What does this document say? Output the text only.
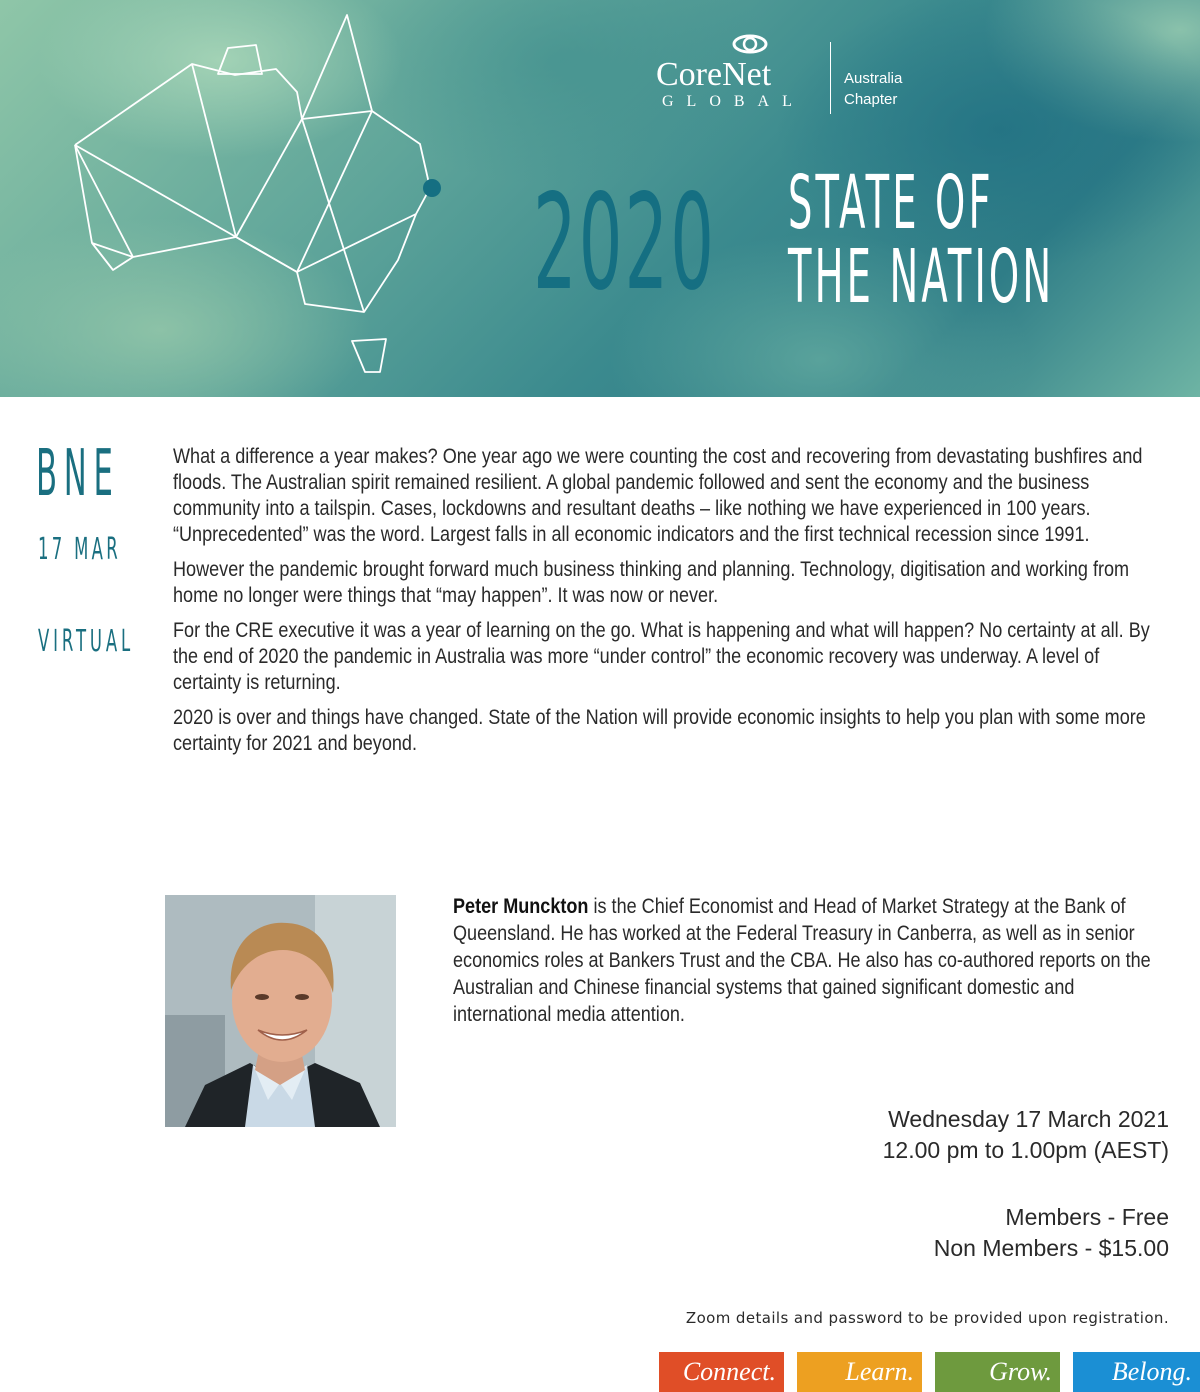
CoreNet
GLOBAL
Australia
Chapter
2020 STATE OF
THE NATION
BNE
17 MAR
VIRTUAL

What a difference a year makes? One year ago we were counting the cost and recovering from devastating bushfires and floods. The Australian spirit remained resilient. A global pandemic followed and sent the economy and the business community into a tailspin. Cases, lockdowns and resultant deaths – like nothing we have experienced in 100 years. “Unprecedented” was the word. Largest falls in all economic indicators and the first technical recession since 1991.

However the pandemic brought forward much business thinking and planning. Technology, digitisation and working from home no longer were things that “may happen”. It was now or never.

For the CRE executive it was a year of learning on the go. What is happening and what will happen? No certainty at all. By the end of 2020 the pandemic in Australia was more “under control” the economic recovery was underway. A level of certainty is returning.

2020 is over and things have changed. State of the Nation will provide economic insights to help you plan with some more certainty for 2021 and beyond.

Peter Munckton is the Chief Economist and Head of Market Strategy at the Bank of Queensland. He has worked at the Federal Treasury in Canberra, as well as in senior economics roles at Bankers Trust and the CBA. He also has co-authored reports on the Australian and Chinese financial systems that gained significant domestic and international media attention.

Wednesday 17 March 2021
12.00 pm to 1.00pm (AEST)
Members - Free
Non Members - $15.00
Zoom details and password to be provided upon registration.
Connect.	Learn.	Grow.	Belong.
